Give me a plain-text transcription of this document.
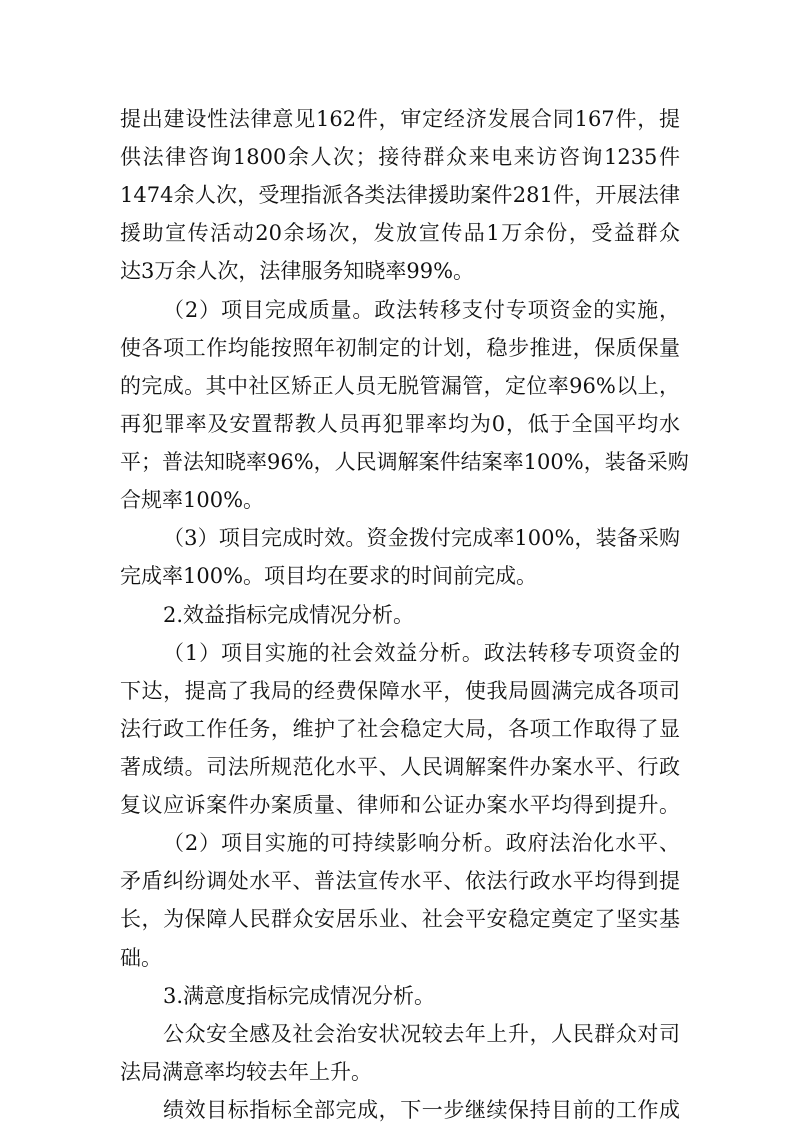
提出建设性法律意见162件，审定经济发展合同167件，提
供法律咨询1800余人次；接待群众来电来访咨询1235件
1474余人次，受理指派各类法律援助案件281件，开展法律
援助宣传活动20余场次，发放宣传品1万余份，受益群众
达3万余人次，法律服务知晓率99%。
（2）项目完成质量。政法转移支付专项资金的实施，
使各项工作均能按照年初制定的计划，稳步推进，保质保量
的完成。其中社区矫正人员无脱管漏管，定位率96%以上，
再犯罪率及安置帮教人员再犯罪率均为0，低于全国平均水
平；普法知晓率96%，人民调解案件结案率100%，装备采购
合规率100%。
（3）项目完成时效。资金拨付完成率100%，装备采购
完成率100%。项目均在要求的时间前完成。
2.效益指标完成情况分析。
（1）项目实施的社会效益分析。政法转移专项资金的
下达，提高了我局的经费保障水平，使我局圆满完成各项司
法行政工作任务，维护了社会稳定大局，各项工作取得了显
著成绩。司法所规范化水平、人民调解案件办案水平、行政
复议应诉案件办案质量、律师和公证办案水平均得到提升。
（2）项目实施的可持续影响分析。政府法治化水平、
矛盾纠纷调处水平、普法宣传水平、依法行政水平均得到提
长，为保障人民群众安居乐业、社会平安稳定奠定了坚实基
础。
3.满意度指标完成情况分析。
公众安全感及社会治安状况较去年上升，人民群众对司
法局满意率均较去年上升。
绩效目标指标全部完成，下一步继续保持目前的工作成
